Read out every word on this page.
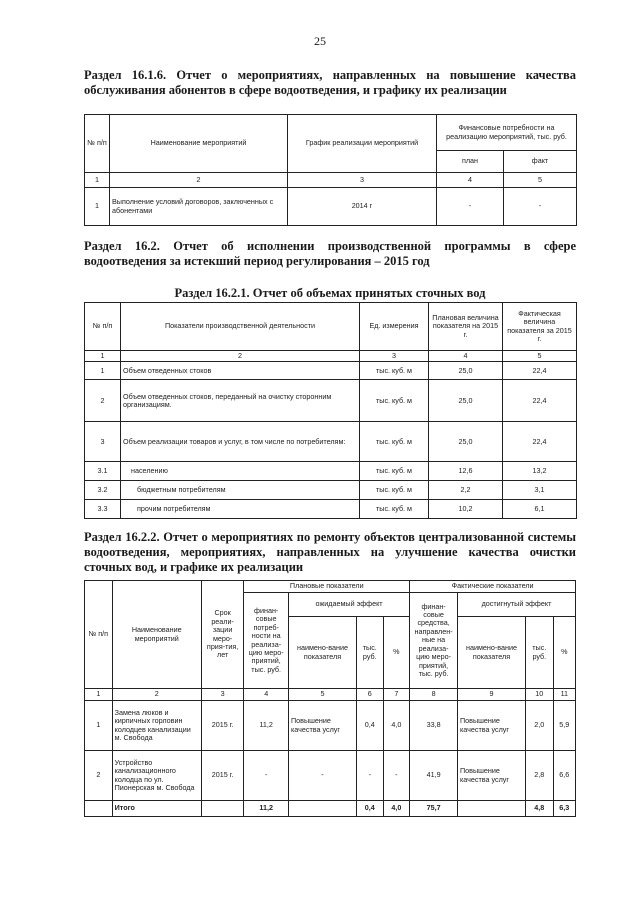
25
Раздел 16.1.6. Отчет о мероприятиях, направленных на повышение качества обслуживания абонентов в сфере водоотведения, и графику их реализации
№ п/п	Наименование мероприятий	График реализации мероприятий	Финансовые потребности на реализацию мероприятий, тыс. руб.	
			план	факт
1	2	3	4	5
1	Выполнение условий договоров, заключенных с абонентами	2014 г	-	-
Раздел 16.2. Отчет об исполнении производственной программы в сфере водоотведения за истекший период регулирования – 2015 год
Раздел 16.2.1. Отчет об объемах принятых сточных вод
№ п/п	Показатели производственной деятельности	Ед. измерения	Плановая величина показателя на 2015 г.	Фактическая величина показателя за 2015 г.
1	2	3	4	5
1	Объем отведенных стоков	тыс. куб. м	25,0	22,4
2	Объем отведенных стоков, переданный на очистку сторонним организациям.	тыс. куб. м	25,0	22,4
3	Объем реализации товаров и услуг, в том числе по потребителям:	тыс. куб. м	25,0	22,4
3.1	населению	тыс. куб. м	12,6	13,2
3.2	бюджетным потребителям	тыс. куб. м	2,2	3,1
3.3	прочим потребителям	тыс. куб. м	10,2	6,1
Раздел 16.2.2. Отчет о мероприятиях по ремонту объектов централизованной системы водоотведения, мероприятиях, направленных на улучшение качества очистки сточных вод, и графике их реализации
№ п/п	Наименование мероприятий	Срок реали-зации меро-прия-тия, лет	Плановые показатели				Фактические показатели			
			финан-совые потреб-ности на реализа-цию меро-приятий, тыс. руб.	ожидаемый эффект			финан-совые средства, направлен-ные на реализа-цию меро-приятий, тыс. руб.	достигнутый эффект		
				наимено-вание показателя	тыс. руб.	%		наимено-вание показателя	тыс. руб.	%
1	2	3	4	5	6	7	8	9	10	11
1	Замена люков и кирпичных горловин колодцев канализации м. Свобода	2015 г.	11,2	Повышение качества услуг	0,4	4,0	33,8	Повышение качества услуг	2,0	5,9
2	Устройство канализационного колодца по ул. Пионерская м. Свобода	2015 г.	-	-	-	-	41,9	Повышение качества услуг	2,8	6,6
	Итого		11,2		0,4	4,0	75,7		4,8	6,3
